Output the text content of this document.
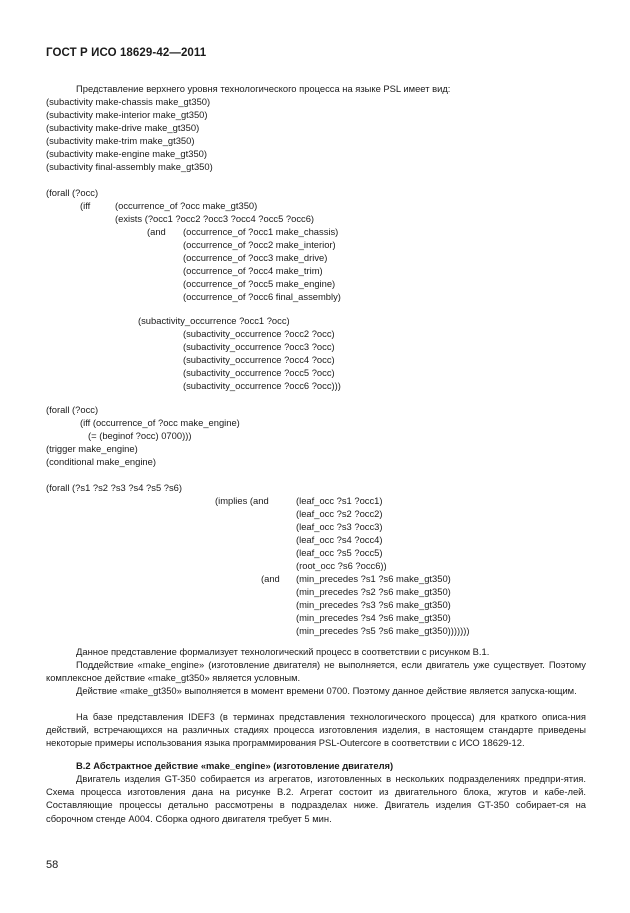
ГОСТ Р ИСО 18629-42—2011
Представление верхнего уровня технологического процесса на языке PSL имеет вид:
(subactivity make-chassis make_gt350)
(subactivity make-interior make_gt350)
(subactivity make-drive make_gt350)
(subactivity make-trim make_gt350)
(subactivity make-engine make_gt350)
(subactivity final-assembly make_gt350)
(forall (?occ)
(iff	(occurrence_of ?occ make_gt350)
(exists (?occ1 ?occ2 ?occ3 ?occ4 ?occ5 ?occ6)
(and (occurrence_of ?occ1 make_chassis)
(occurrence_of ?occ2 make_interior)
(occurrence_of ?occ3 make_drive)
(occurrence_of ?occ4 make_trim)
(occurrence_of ?occ5 make_engine)
(occurrence_of ?occ6 final_assembly)
(subactivity_occurrence ?occ1 ?occ)
(subactivity_occurrence ?occ2 ?occ)
(subactivity_occurrence ?occ3 ?occ)
(subactivity_occurrence ?occ4 ?occ)
(subactivity_occurrence ?occ5 ?occ)
(subactivity_occurrence ?occ6 ?occ)))
(forall (?occ)
(iff (occurrence_of ?occ make_engine)
(= (beginof ?occ) 0700)))
(trigger make_engine)
(conditional make_engine)
(forall (?s1 ?s2 ?s3 ?s4 ?s5 ?s6)
(implies (and	(leaf_occ ?s1 ?occ1)
(leaf_occ ?s2 ?occ2)
(leaf_occ ?s3 ?occ3)
(leaf_occ ?s4 ?occ4)
(leaf_occ ?s5 ?occ5)
(root_occ ?s6 ?occ6))
(and (min_precedes ?s1 ?s6 make_gt350)
(min_precedes ?s2 ?s6 make_gt350)
(min_precedes ?s3 ?s6 make_gt350)
(min_precedes ?s4 ?s6 make_gt350)
(min_precedes ?s5 ?s6 make_gt350)))))))
Данное представление формализует технологический процесс в соответствии с рисунком В.1.
Поддействие «make_engine» (изготовление двигателя) не выполняется, если двигатель уже существует. Поэтому комплексное действие «make_gt350» является условным.
Действие «make_gt350» выполняется в момент времени 0700. Поэтому данное действие является запуска-ющим.
На базе представления IDEF3 (в терминах представления технологического процесса) для краткого описа-ния действий, встречающихся на различных стадиях процесса изготовления изделия, в настоящем стандарте приведены некоторые примеры использования языка программирования PSL-Outercore в соответствии с ИСО 18629-12.
В.2 Абстрактное действие «make_engine» (изготовление двигателя)
Двигатель изделия GT-350 собирается из агрегатов, изготовленных в нескольких подразделениях предпри-ятия. Схема процесса изготовления дана на рисунке В.2. Агрегат состоит из двигательного блока, жгутов и кабе-лей. Составляющие процессы детально рассмотрены в подразделах ниже. Двигатель изделия GT-350 собирает-ся на сборочном стенде А004. Сборка одного двигателя требует 5 мин.
58
